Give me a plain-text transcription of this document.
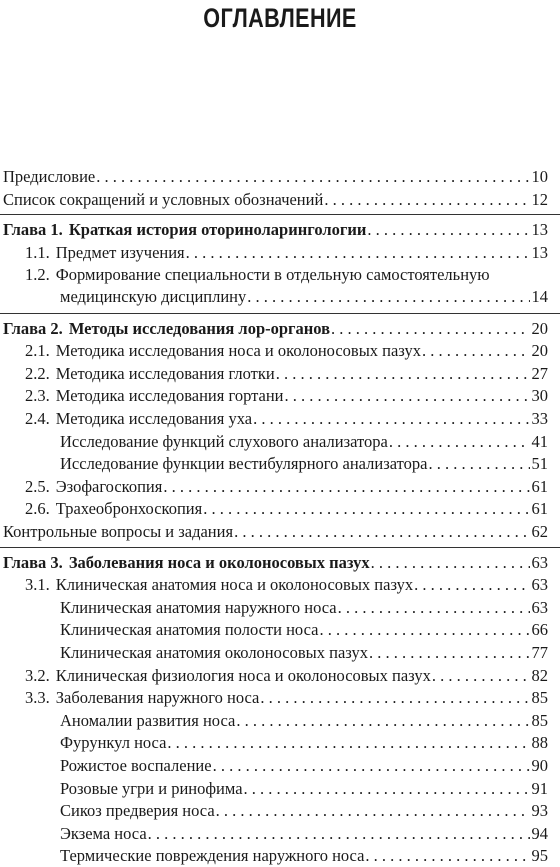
ОГЛАВЛЕНИЕ
Предисловие . . .	10
Список сокращений и условных обозначений . . .	12
Глава 1. Краткая история оториноларингологии . . .	13
1.1. Предмет изучения . . .	13
1.2. Формирование специальности в отдельную самостоятельную
медицинскую дисциплину . . .	14
Глава 2. Методы исследования лор-органов . . .	20
2.1. Методика исследования носа и околоносовых пазух . . .	20
2.2. Методика исследования глотки . . .	27
2.3. Методика исследования гортани . . .	30
2.4. Методика исследования уха . . .	33
Исследование функций слухового анализатора . . .	41
Исследование функции вестибулярного анализатора . . .	51
2.5. Эзофагоскопия . . .	61
2.6. Трахеобронхоскопия . . .	61
Контрольные вопросы и задания . . .	62
Глава 3. Заболевания носа и околоносовых пазух . . .	63
3.1. Клиническая анатомия носа и околоносовых пазух . . .	63
Клиническая анатомия наружного носа . . .	63
Клиническая анатомия полости носа . . .	66
Клиническая анатомия околоносовых пазух . . .	77
3.2. Клиническая физиология носа и околоносовых пазух . . .	82
3.3. Заболевания наружного носа . . .	85
Аномалии развития носа . . .	85
Фурункул носа . . .	88
Рожистое воспаление . . .	90
Розовые угри и ринофима . . .	91
Сикоз предверия носа . . .	93
Экзема носа . . .	94
Термические повреждения наружного носа . . .	95
